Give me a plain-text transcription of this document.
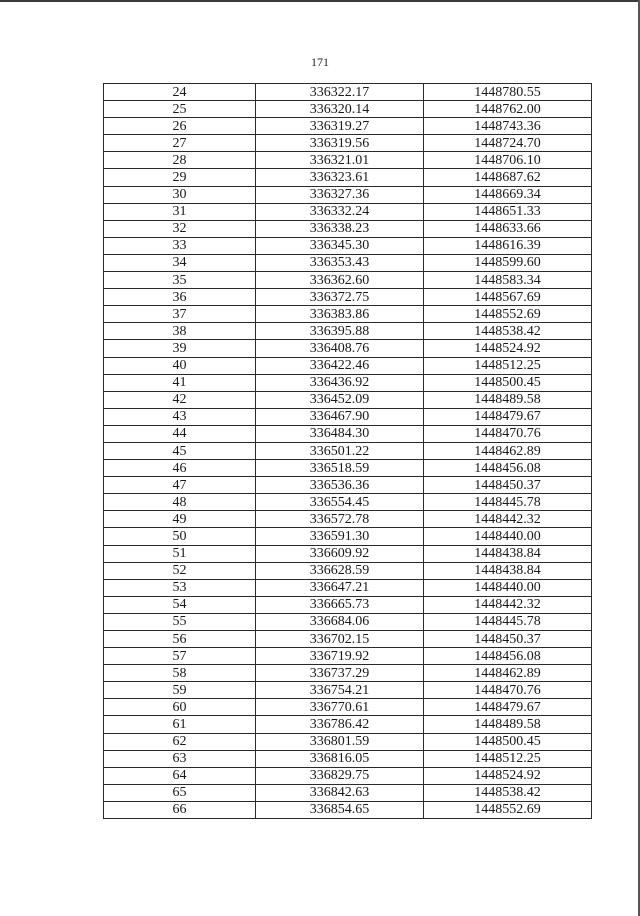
171
24	336322.17	1448780.55
25	336320.14	1448762.00
26	336319.27	1448743.36
27	336319.56	1448724.70
28	336321.01	1448706.10
29	336323.61	1448687.62
30	336327.36	1448669.34
31	336332.24	1448651.33
32	336338.23	1448633.66
33	336345.30	1448616.39
34	336353.43	1448599.60
35	336362.60	1448583.34
36	336372.75	1448567.69
37	336383.86	1448552.69
38	336395.88	1448538.42
39	336408.76	1448524.92
40	336422.46	1448512.25
41	336436.92	1448500.45
42	336452.09	1448489.58
43	336467.90	1448479.67
44	336484.30	1448470.76
45	336501.22	1448462.89
46	336518.59	1448456.08
47	336536.36	1448450.37
48	336554.45	1448445.78
49	336572.78	1448442.32
50	336591.30	1448440.00
51	336609.92	1448438.84
52	336628.59	1448438.84
53	336647.21	1448440.00
54	336665.73	1448442.32
55	336684.06	1448445.78
56	336702.15	1448450.37
57	336719.92	1448456.08
58	336737.29	1448462.89
59	336754.21	1448470.76
60	336770.61	1448479.67
61	336786.42	1448489.58
62	336801.59	1448500.45
63	336816.05	1448512.25
64	336829.75	1448524.92
65	336842.63	1448538.42
66	336854.65	1448552.69
